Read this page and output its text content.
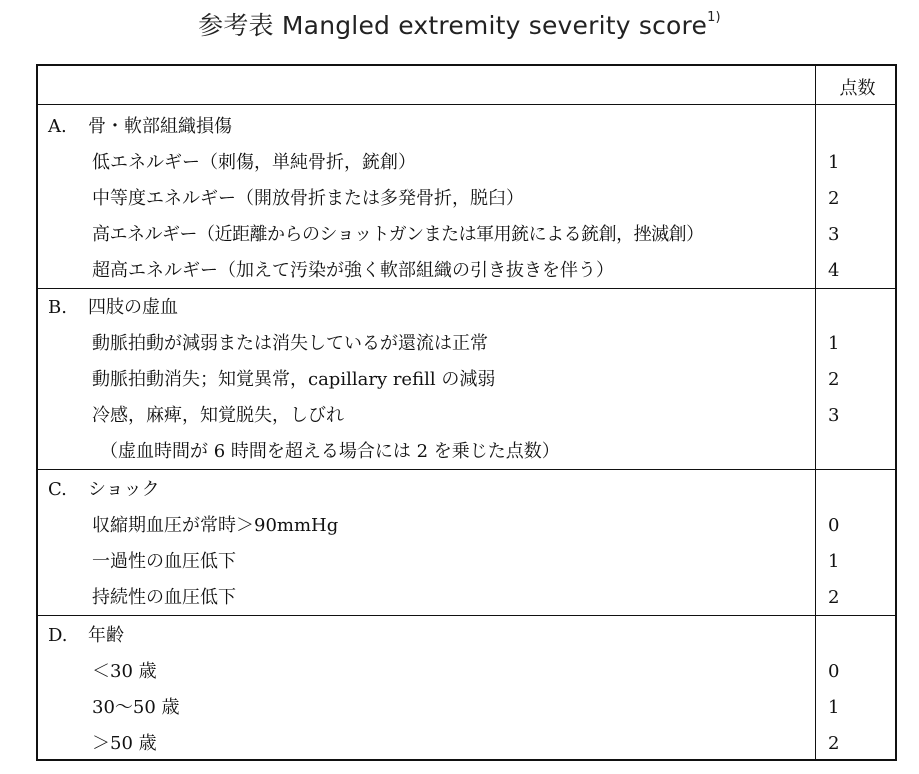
参考表 Mangled extremity severity score$^{1)}$
点数
A. 骨・軟部組織損傷
低エネルギー（刺傷，単純骨折，銃創）	1
中等度エネルギー（開放骨折または多発骨折，脱臼）	2
高エネルギー（近距離からのショットガンまたは軍用銃による銃創，挫滅創）	3
超高エネルギー（加えて汚染が強く軟部組織の引き抜きを伴う）	4
B. 四肢の虚血
動脈拍動が減弱または消失しているが還流は正常	1
動脈拍動消失；知覚異常，capillary refill の減弱	2
冷感，麻痺，知覚脱失，しびれ	3
（虚血時間が 6 時間を超える場合には 2 を乗じた点数）
C. ショック
収縮期血圧が常時＞90mmHg	0
一過性の血圧低下	1
持続性の血圧低下	2
D. 年齢
＜30 歳	0
30〜50 歳	1
＞50 歳	2
